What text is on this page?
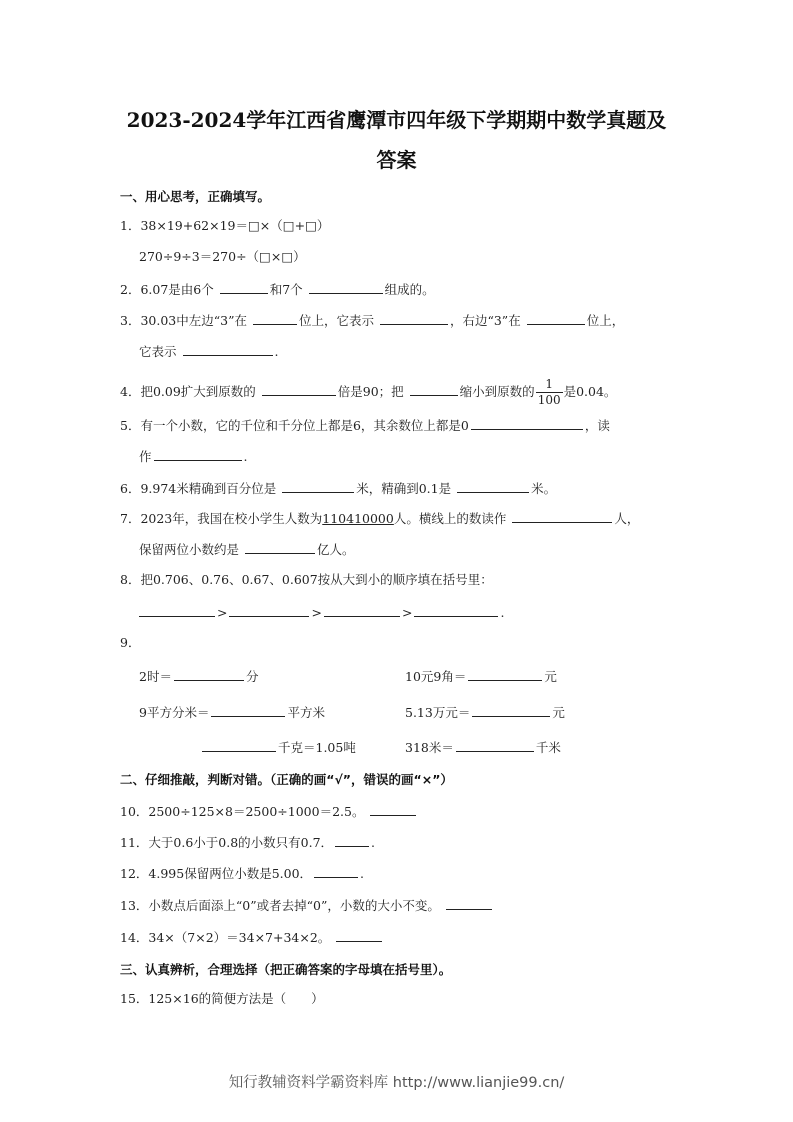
2023-2024学年江西省鹰潭市四年级下学期期中数学真题及
答案
一、用心思考，正确填写。
1．38×19+62×19＝□×（□+□）
270÷9÷3＝270÷（□×□）
2．6.07是由6个	和7个	组成的。
3．30.03中左边“3”在	位上，它表示	，右边“3”在	位上，
它表示	.
4．把0.09扩大到原数的	倍是90；把	缩小到原数的 $\frac{1}{100}$ 是0.04。
5．有一个小数，它的千位和千分位上都是6，其余数位上都是0	，读
作	.
6．9.974米精确到百分位是	米，精确到0.1是	米。
7．2023年，我国在校小学生人数为110410000人。横线上的数读作	人，
保留两位小数约是	亿人。
8．把0.706、0.76、0.67、0.607按从大到小的顺序填在括号里：
>	>	>	.
9．
2时＝	分	10元9角＝	元
9平方分米＝	平方米	5.13万元＝	元
千克＝1.05吨	318米＝	千米
二、仔细推敲，判断对错。（正确的画“√”，错误的画“×”）
10．2500÷125×8＝2500÷1000＝2.5。
11．大于0.6小于0.8的小数只有0.7．	.
12．4.995保留两位小数是5.00．	.
13．小数点后面添上“0”或者去掉“0”，小数的大小不变。
14．34×（7×2）＝34×7+34×2。
三、认真辨析，合理选择（把正确答案的字母填在括号里）。
15．125×16的简便方法是（　　）
知行教辅资料学霸资料库 http://www.lianjie99.cn/
